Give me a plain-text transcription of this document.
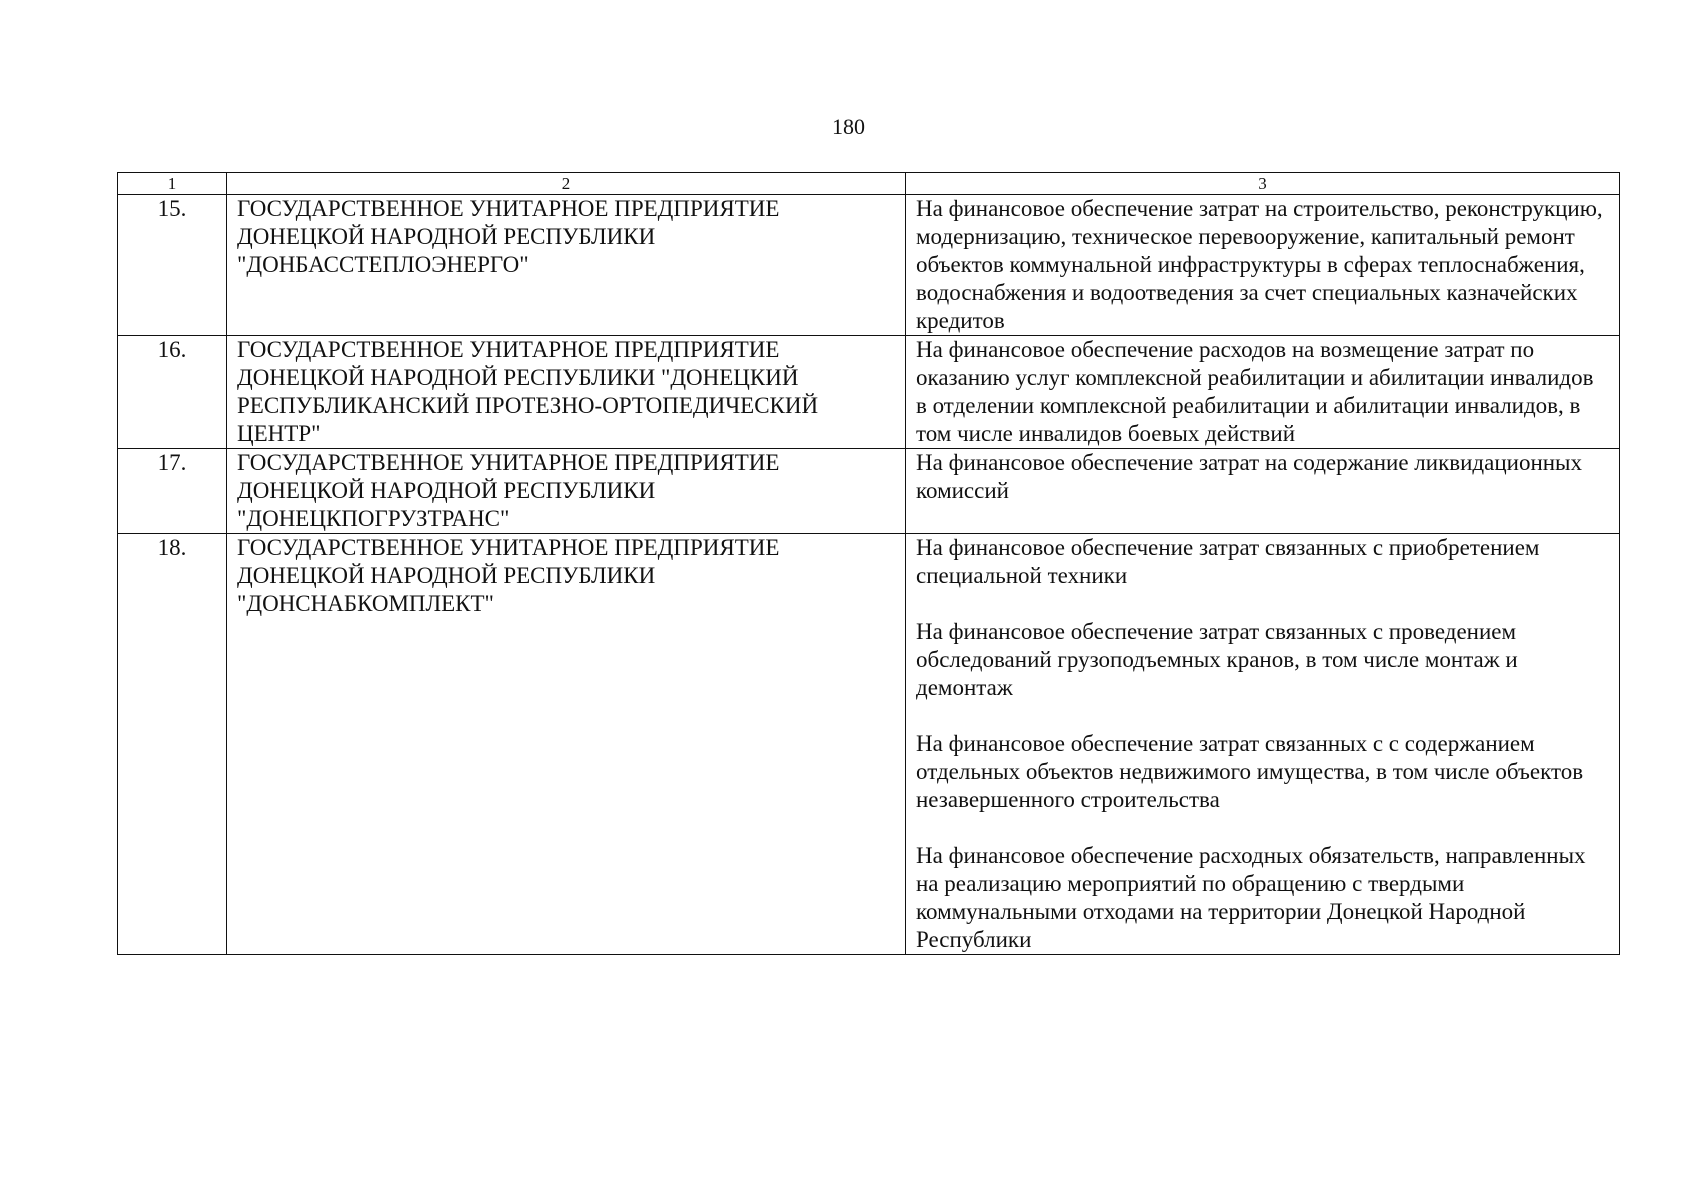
180
1	2	3
15.	ГОСУДАРСТВЕННОЕ УНИТАРНОЕ ПРЕДПРИЯТИЕ ДОНЕЦКОЙ НАРОДНОЙ РЕСПУБЛИКИ "ДОНБАССТЕПЛОЭНЕРГО"	На финансовое обеспечение затрат на строительство, реконструкцию, модернизацию, техническое перевооружение, капитальный ремонт объектов коммунальной инфраструктуры в сферах теплоснабжения, водоснабжения и водоотведения за счет специальных казначейских кредитов

16.	ГОСУДАРСТВЕННОЕ УНИТАРНОЕ ПРЕДПРИЯТИЕ ДОНЕЦКОЙ НАРОДНОЙ РЕСПУБЛИКИ "ДОНЕЦКИЙ РЕСПУБЛИКАНСКИЙ ПРОТЕЗНО-ОРТОПЕДИЧЕСКИЙ ЦЕНТР"	На финансовое обеспечение расходов на возмещение затрат по оказанию услуг комплексной реабилитации и абилитации инвалидов в отделении комплексной реабилитации и абилитации инвалидов, в том числе инвалидов боевых действий

17.	ГОСУДАРСТВЕННОЕ УНИТАРНОЕ ПРЕДПРИЯТИЕ ДОНЕЦКОЙ НАРОДНОЙ РЕСПУБЛИКИ "ДОНЕЦКПОГРУЗТРАНС"	На финансовое обеспечение затрат на содержание ликвидационных комиссий

18.	ГОСУДАРСТВЕННОЕ УНИТАРНОЕ ПРЕДПРИЯТИЕ ДОНЕЦКОЙ НАРОДНОЙ РЕСПУБЛИКИ "ДОНСНАБКОМПЛЕКТ"	На финансовое обеспечение затрат связанных с приобретением специальной техники
На финансовое обеспечение затрат связанных с проведением обследований грузоподъемных кранов, в том числе монтаж и демонтаж
На финансовое обеспечение затрат связанных с с содержанием отдельных объектов недвижимого имущества, в том числе объектов незавершенного строительства
На финансовое обеспечение расходных обязательств, направленных на реализацию мероприятий по обращению с твердыми коммунальными отходами на территории Донецкой Народной Республики
